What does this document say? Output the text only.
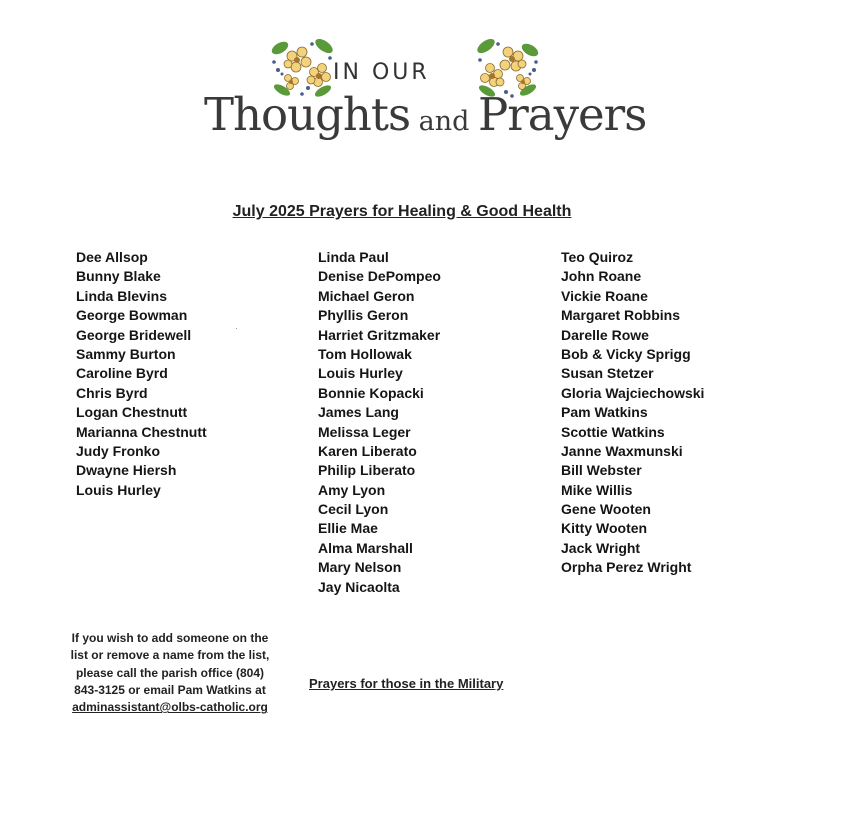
IN OUR
Thoughts and Prayers
July 2025 Prayers for Healing & Good Health
Dee Allsop
Bunny Blake
Linda Blevins
George Bowman
George Bridewell
Sammy Burton
Caroline Byrd
Chris Byrd
Logan Chestnutt
Marianna Chestnutt
Judy Fronko
Dwayne Hiersh
Louis Hurley
Linda Paul
Denise DePompeo
Michael Geron
Phyllis Geron
Harriet Gritzmaker
Tom Hollowak
Louis Hurley
Bonnie Kopacki
James Lang
Melissa Leger
Karen Liberato
Philip Liberato
Amy Lyon
Cecil Lyon
Ellie Mae
Alma Marshall
Mary Nelson
Jay Nicaolta
Teo Quiroz
John Roane
Vickie Roane
Margaret Robbins
Darelle Rowe
Bob & Vicky Sprigg
Susan Stetzer
Gloria Wajciechowski
Pam Watkins
Scottie Watkins
Janne Waxmunski
Bill Webster
Mike Willis
Gene Wooten
Kitty Wooten
Jack Wright
Orpha Perez Wright
If you wish to add someone on the list or remove a name from the list, please call the parish office (804) 843-3125 or email Pam Watkins at adminassistant@olbs-catholic.org
Prayers for those in the Military
